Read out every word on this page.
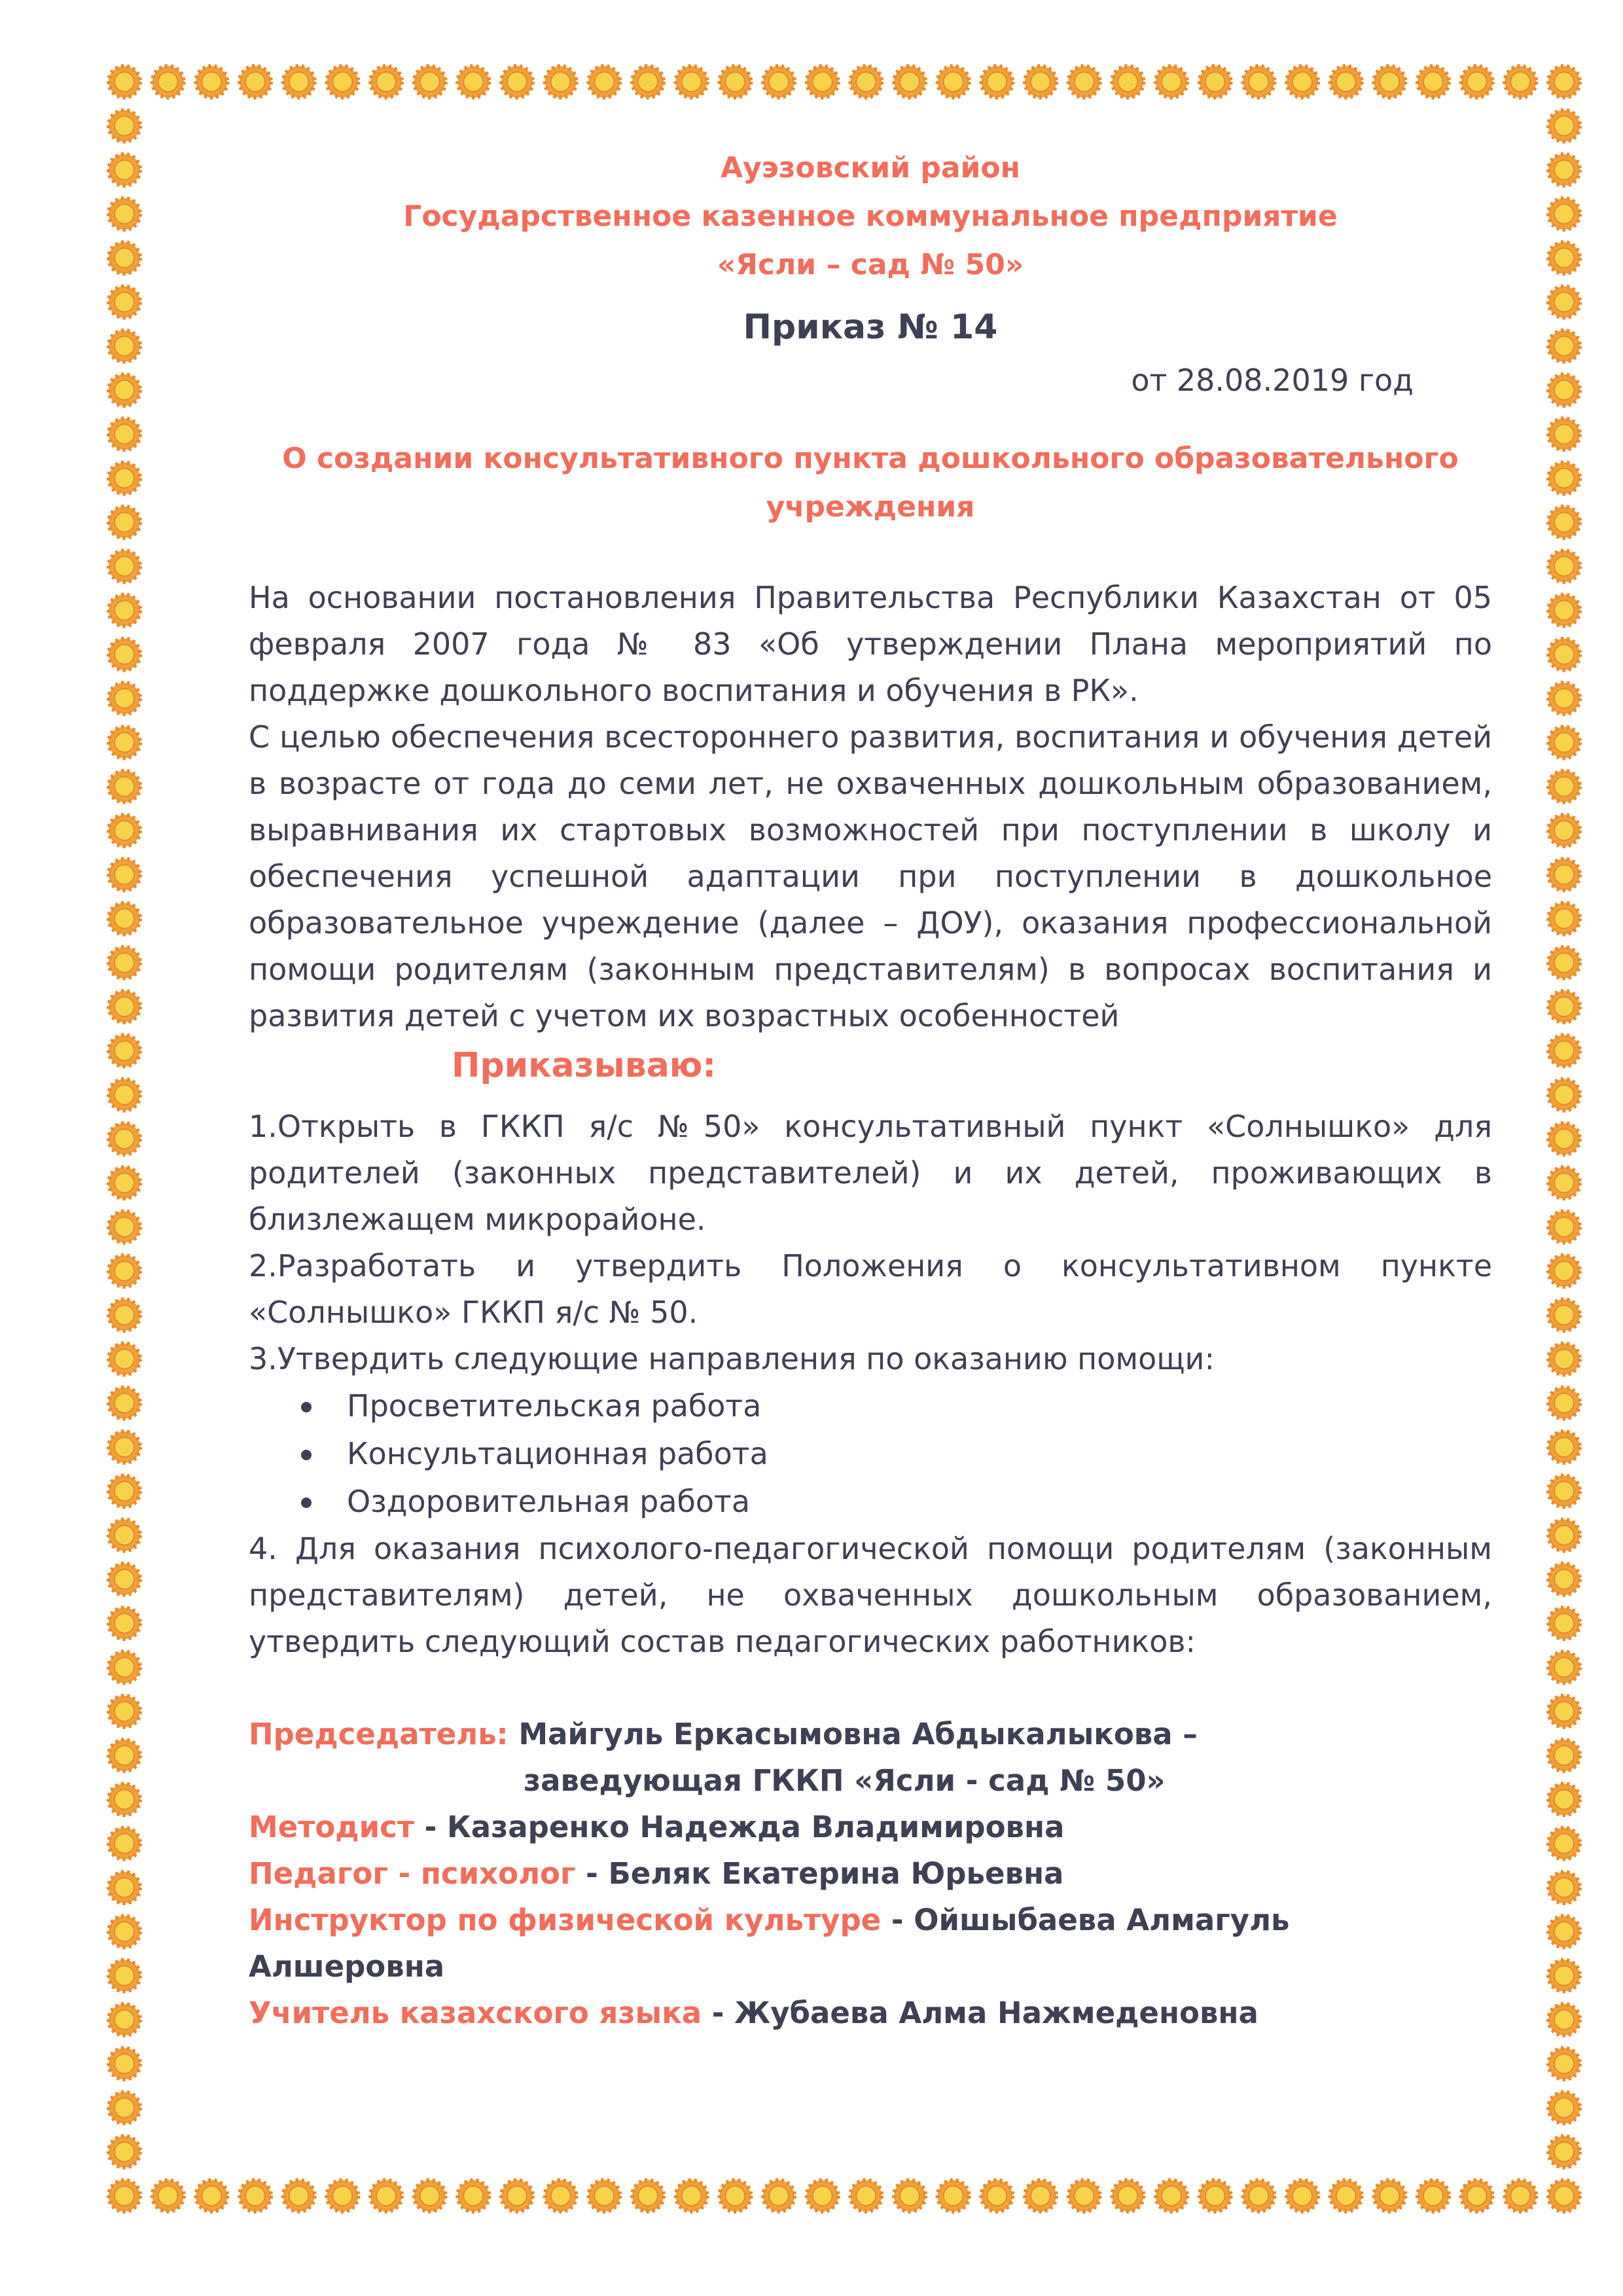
Ауэзовский район
Государственное казенное коммунальное предприятие
«Ясли – сад № 50»
Приказ № 14
от 28.08.2019 год
О создании консультативного пункта дошкольного образовательного
учреждения
На основании постановления Правительства Республики Казахстан от 05 февраля 2007 года № 83 «Об утверждении Плана мероприятий по поддержке дошкольного воспитания и обучения в РК».
С целью обеспечения всестороннего развития, воспитания и обучения детей в возрасте от года до семи лет, не охваченных дошкольным образованием, выравнивания их стартовых возможностей при поступлении в школу и обеспечения успешной адаптации при поступлении в дошкольное образовательное учреждение (далее – ДОУ), оказания профессиональной помощи родителям (законным представителям) в вопросах воспитания и развития детей с учетом их возрастных особенностей
Приказываю:
1.Открыть в ГККП я/с №50» консультативный пункт «Солнышко» для родителей (законных представителей) и их детей, проживающих в близлежащем микрорайоне.
2.Разработать и утвердить Положения о консультативном пункте «Солнышко» ГККП я/с № 50.
3.Утвердить следующие направления по оказанию помощи:
Просветительская работа
Консультационная работа
Оздоровительная работа
4. Для оказания психолого-педагогической помощи родителям (законным представителям) детей, не охваченных дошкольным образованием, утвердить следующий состав педагогических работников:
Председатель: Майгуль Еркасымовна Абдыкалыкова –
заведующая ГККП «Ясли - сад № 50»
Методист - Казаренко Надежда Владимировна
Педагог - психолог - Беляк Екатерина Юрьевна
Инструктор по физической культуре - Ойшыбаева Алмагуль Алшеровна
Учитель казахского языка - Жубаева Алма Нажмеденовна
